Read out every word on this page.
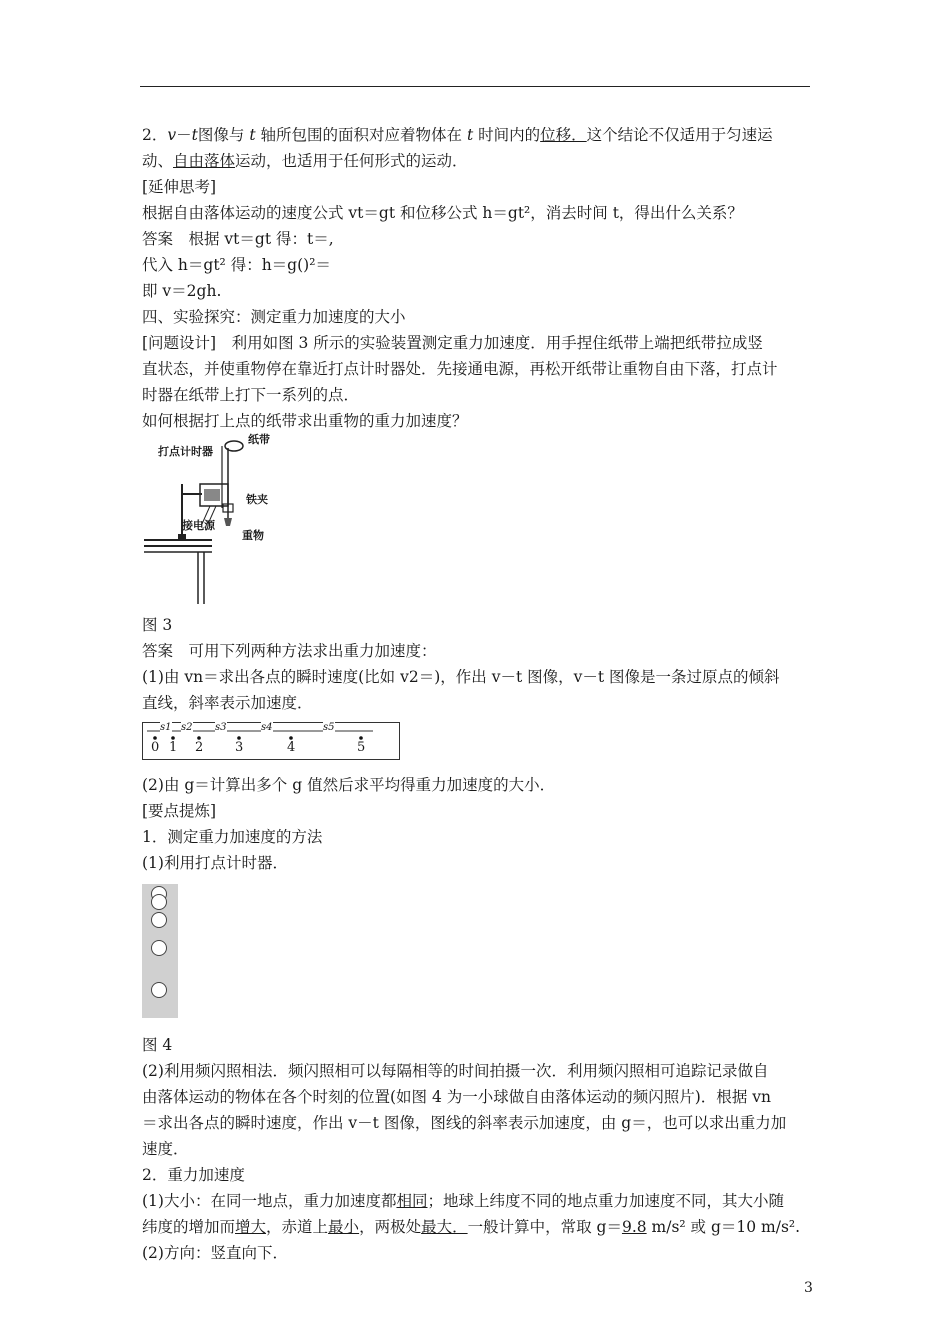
2．v－t图像与 t 轴所包围的面积对应着物体在 t 时间内的位移．这个结论不仅适用于匀速运
动、自由落体运动，也适用于任何形式的运动．
[延伸思考]
根据自由落体运动的速度公式 vt＝gt 和位移公式 h＝gt²，消去时间 t，得出什么关系？
答案　根据 vt＝gt 得：t＝,
代入 h＝gt² 得：h＝g()²＝
即 v＝2gh.
四、实验探究：测定重力加速度的大小
[问题设计]　利用如图 3 所示的实验装置测定重力加速度．用手捏住纸带上端把纸带拉成竖
直状态，并使重物停在靠近打点计时器处．先接通电源，再松开纸带让重物自由下落，打点计
时器在纸带上打下一系列的点．
如何根据打上点的纸带求出重物的重力加速度？
打点计时器
纸带
铁夹
接电源
重物
图 3
答案　可用下列两种方法求出重力加速度：
(1)由 vn＝求出各点的瞬时速度(比如 v2＝)，作出 v－t 图像，v－t 图像是一条过原点的倾斜
直线，斜率表示加速度．
s1 s2 s3	s4	s5
0 1 2 3	4	5
(2)由 g＝计算出多个 g 值然后求平均得重力加速度的大小．
[要点提炼]
1．测定重力加速度的方法
(1)利用打点计时器．
图 4
(2)利用频闪照相法．频闪照相可以每隔相等的时间拍摄一次．利用频闪照相可追踪记录做自
由落体运动的物体在各个时刻的位置(如图 4 为一小球做自由落体运动的频闪照片)．根据 vn
＝求出各点的瞬时速度，作出 v－t 图像，图线的斜率表示加速度，由 g＝，也可以求出重力加
速度．
2．重力加速度
(1)大小：在同一地点，重力加速度都相同；地球上纬度不同的地点重力加速度不同，其大小随
纬度的增加而增大，赤道上最小，两极处最大．一般计算中，常取 g＝9.8 m/s² 或 g＝10 m/s².
(2)方向：竖直向下．
3
